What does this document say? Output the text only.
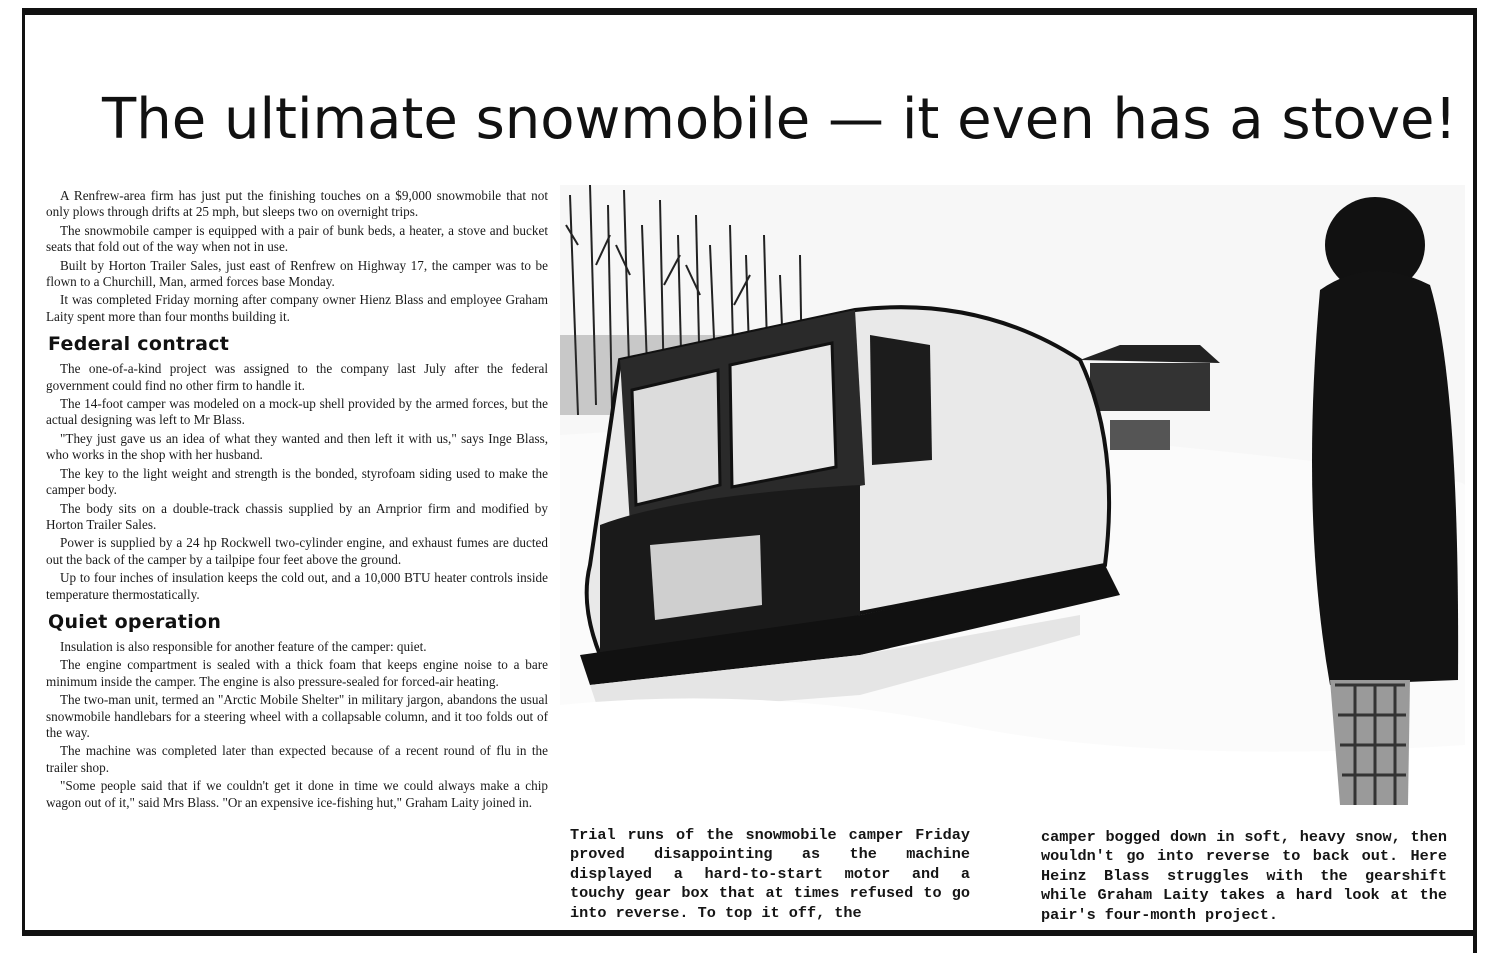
The ultimate snowmobile — it even has a stove!

A Renfrew-area firm has just put the finishing touches on a $9,000 snowmobile that not only plows through drifts at 25 mph, but sleeps two on overnight trips.

The snowmobile camper is equipped with a pair of bunk beds, a heater, a stove and bucket seats that fold out of the way when not in use.

Built by Horton Trailer Sales, just east of Renfrew on Highway 17, the camper was to be flown to a Churchill, Man, armed forces base Monday.

It was completed Friday morning after company owner Hienz Blass and employee Graham Laity spent more than four months building it.

Federal contract

The one-of-a-kind project was assigned to the company last July after the federal government could find no other firm to handle it.

The 14-foot camper was modeled on a mock-up shell provided by the armed forces, but the actual designing was left to Mr Blass.

"They just gave us an idea of what they wanted and then left it with us," says Inge Blass, who works in the shop with her husband.

The key to the light weight and strength is the bonded, styrofoam siding used to make the camper body.

The body sits on a double-track chassis supplied by an Arnprior firm and modified by Horton Trailer Sales.

Power is supplied by a 24 hp Rockwell two-cylinder engine, and exhaust fumes are ducted out the back of the camper by a tailpipe four feet above the ground.

Up to four inches of insulation keeps the cold out, and a 10,000 BTU heater controls inside temperature thermostatically.

Quiet operation

Insulation is also responsible for another feature of the camper: quiet.

The engine compartment is sealed with a thick foam that keeps engine noise to a bare minimum inside the camper. The engine is also pressure-sealed for forced-air heating.

The two-man unit, termed an "Arctic Mobile Shelter" in military jargon, abandons the usual snowmobile handlebars for a steering wheel with a collapsable column, and it too folds out of the way.

The machine was completed later than expected because of a recent round of flu in the trailer shop.

"Some people said that if we couldn't get it done in time we could always make a chip wagon out of it," said Mrs Blass. "Or an expensive ice-fishing hut," Graham Laity joined in.

Trial runs of the snowmobile camper Friday proved disappointing as the machine displayed a hard-to-start motor and a touchy gear box that at times refused to go into reverse. To top it off, the
camper bogged down in soft, heavy snow, then wouldn't go into reverse to back out. Here Heinz Blass struggles with the gearshift while Graham Laity takes a hard look at the pair's four-month project.
